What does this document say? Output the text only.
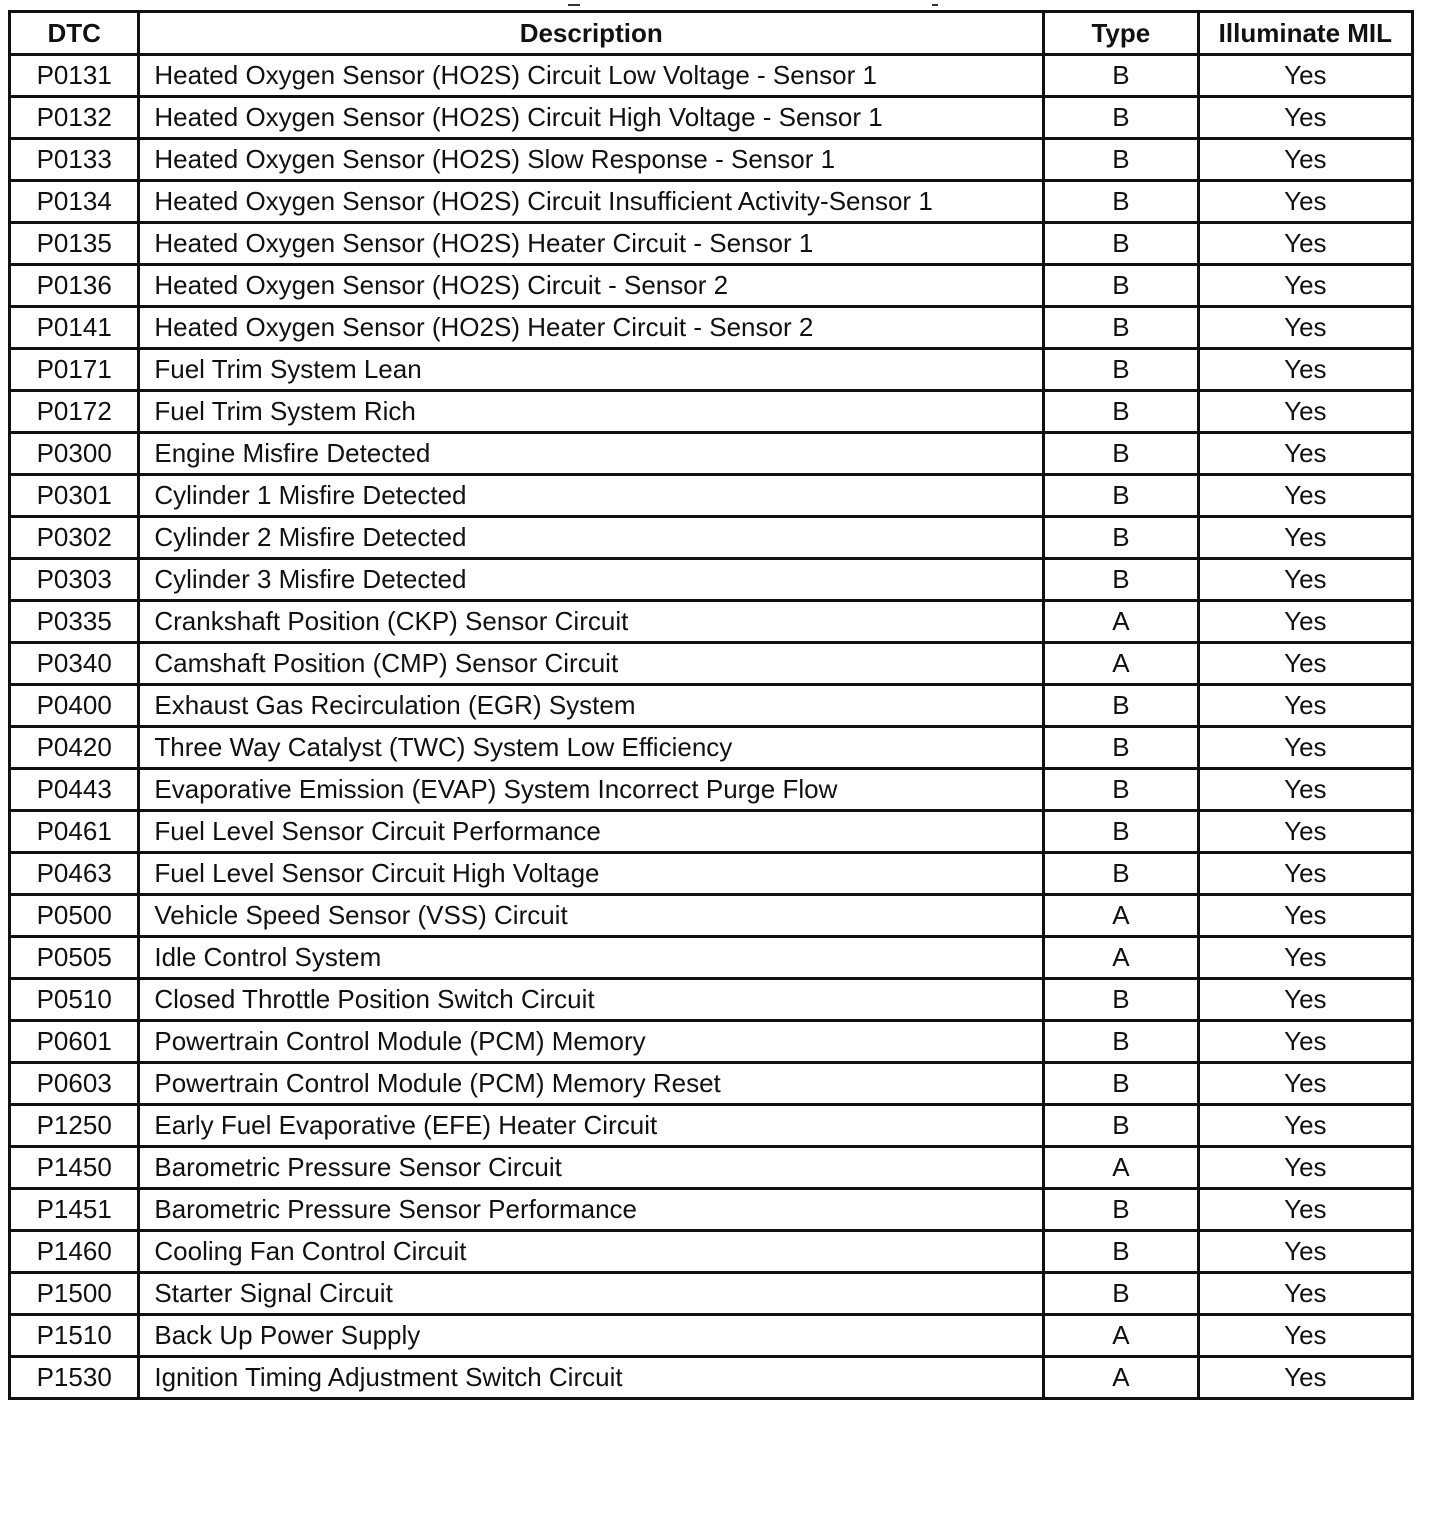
DTC	Description	Type	Illuminate MIL
P0131	Heated Oxygen Sensor (HO2S) Circuit Low Voltage - Sensor 1	B	Yes
P0132	Heated Oxygen Sensor (HO2S) Circuit High Voltage - Sensor 1	B	Yes
P0133	Heated Oxygen Sensor (HO2S) Slow Response - Sensor 1	B	Yes
P0134	Heated Oxygen Sensor (HO2S) Circuit Insufficient Activity-Sensor 1	B	Yes
P0135	Heated Oxygen Sensor (HO2S) Heater Circuit - Sensor 1	B	Yes
P0136	Heated Oxygen Sensor (HO2S) Circuit - Sensor 2	B	Yes
P0141	Heated Oxygen Sensor (HO2S) Heater Circuit - Sensor 2	B	Yes
P0171	Fuel Trim System Lean	B	Yes
P0172	Fuel Trim System Rich	B	Yes
P0300	Engine Misfire Detected	B	Yes
P0301	Cylinder 1 Misfire Detected	B	Yes
P0302	Cylinder 2 Misfire Detected	B	Yes
P0303	Cylinder 3 Misfire Detected	B	Yes
P0335	Crankshaft Position (CKP) Sensor Circuit	A	Yes
P0340	Camshaft Position (CMP) Sensor Circuit	A	Yes
P0400	Exhaust Gas Recirculation (EGR) System	B	Yes
P0420	Three Way Catalyst (TWC) System Low Efficiency	B	Yes
P0443	Evaporative Emission (EVAP) System Incorrect Purge Flow	B	Yes
P0461	Fuel Level Sensor Circuit Performance	B	Yes
P0463	Fuel Level Sensor Circuit High Voltage	B	Yes
P0500	Vehicle Speed Sensor (VSS) Circuit	A	Yes
P0505	Idle Control System	A	Yes
P0510	Closed Throttle Position Switch Circuit	B	Yes
P0601	Powertrain Control Module (PCM) Memory	B	Yes
P0603	Powertrain Control Module (PCM) Memory Reset	B	Yes
P1250	Early Fuel Evaporative (EFE) Heater Circuit	B	Yes
P1450	Barometric Pressure Sensor Circuit	A	Yes
P1451	Barometric Pressure Sensor Performance	B	Yes
P1460	Cooling Fan Control Circuit	B	Yes
P1500	Starter Signal Circuit	B	Yes
P1510	Back Up Power Supply	A	Yes
P1530	Ignition Timing Adjustment Switch Circuit	A	Yes
